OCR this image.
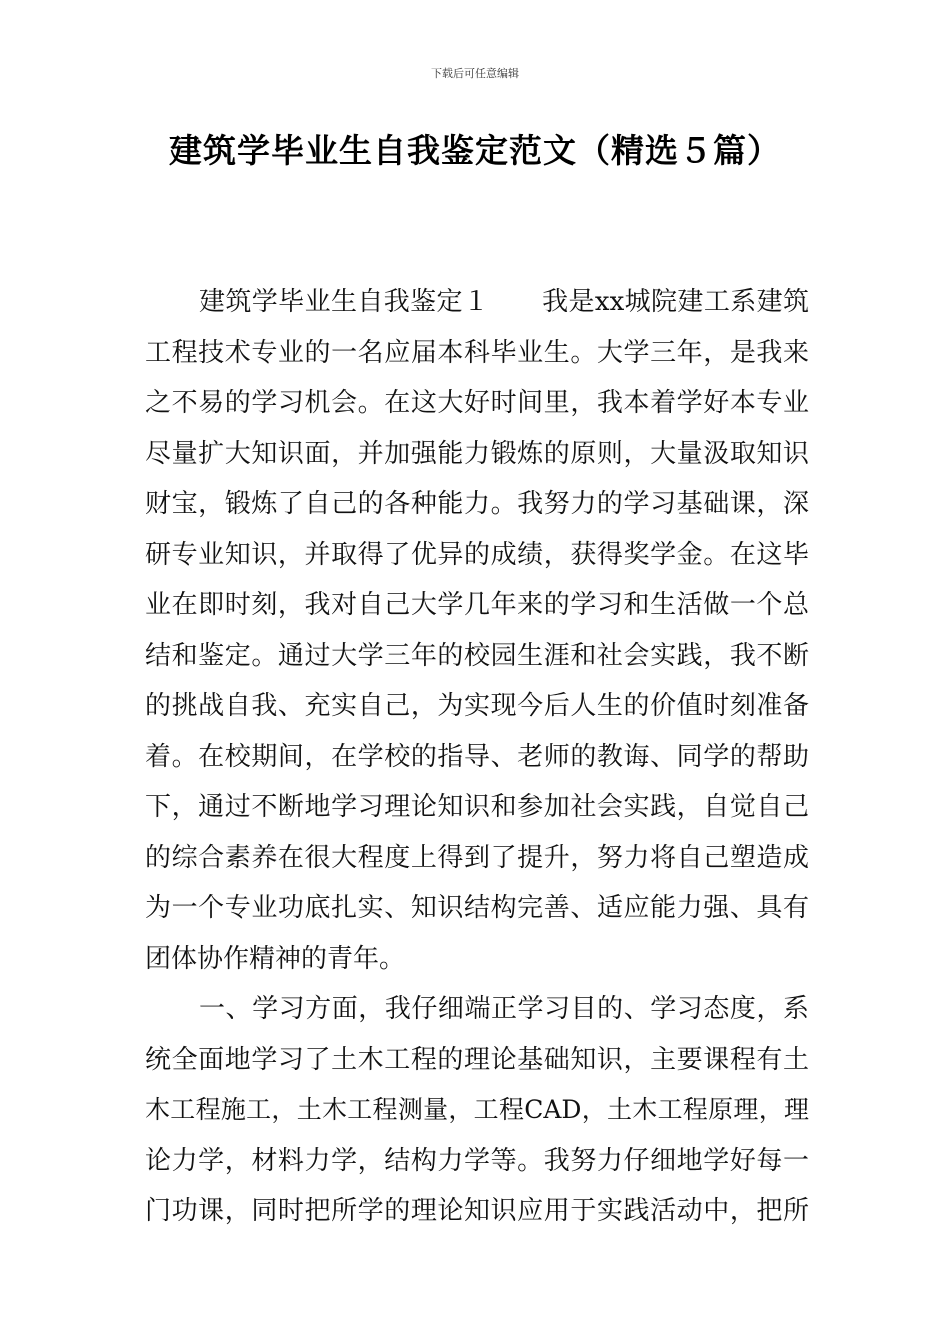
下载后可任意编辑
建筑学毕业生自我鉴定范文（精选５篇）
建筑学毕业生自我鉴定１　　我是xx城院建工系建筑
工程技术专业的一名应届本科毕业生。大学三年，是我来
之不易的学习机会。在这大好时间里，我本着学好本专业
尽量扩大知识面，并加强能力锻炼的原则，大量汲取知识
财宝，锻炼了自己的各种能力。我努力的学习基础课，深
研专业知识，并取得了优异的成绩，获得奖学金。在这毕
业在即时刻，我对自己大学几年来的学习和生活做一个总
结和鉴定。通过大学三年的校园生涯和社会实践，我不断
的挑战自我、充实自己，为实现今后人生的价值时刻准备
着。在校期间，在学校的指导、老师的教诲、同学的帮助
下，通过不断地学习理论知识和参加社会实践，自觉自己
的综合素养在很大程度上得到了提升，努力将自己塑造成
为一个专业功底扎实、知识结构完善、适应能力强、具有
团体协作精神的青年。
一、学习方面，我仔细端正学习目的、学习态度，系
统全面地学习了土木工程的理论基础知识，主要课程有土
木工程施工，土木工程测量，工程CAD，土木工程原理，理
论力学，材料力学，结构力学等。我努力仔细地学好每一
门功课，同时把所学的理论知识应用于实践活动中，把所
